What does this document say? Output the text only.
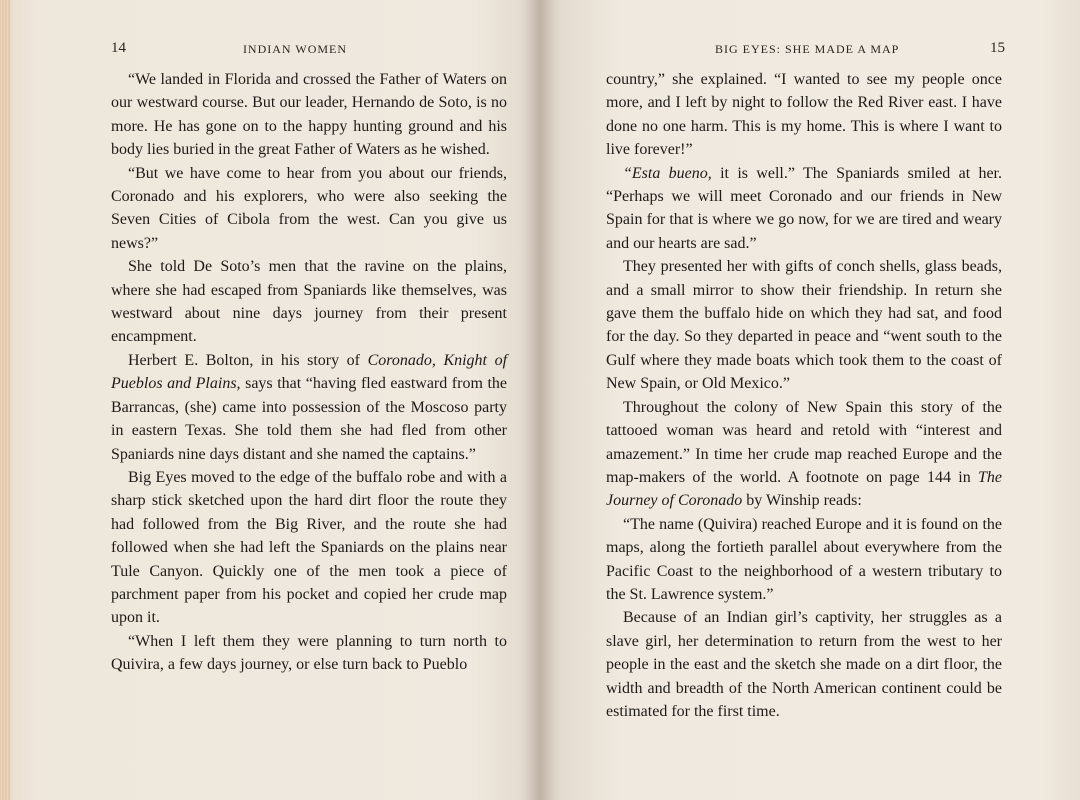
14	INDIAN WOMEN

“We landed in Florida and crossed the Father of Waters on our westward course. But our leader, Hernando de Soto, is no more. He has gone on to the happy hunting ground and his body lies buried in the great Father of Waters as he wished.

“But we have come to hear from you about our friends, Coronado and his explorers, who were also seeking the Seven Cities of Cibola from the west. Can you give us news?”

She told De Soto’s men that the ravine on the plains, where she had escaped from Spaniards like themselves, was westward about nine days journey from their present encampment.

Herbert E. Bolton, in his story of Coronado, Knight of Pueblos and Plains, says that “having fled eastward from the Barrancas, (she) came into possession of the Moscoso party in eastern Texas. She told them she had fled from other Spaniards nine days distant and she named the captains.”

Big Eyes moved to the edge of the buffalo robe and with a sharp stick sketched upon the hard dirt floor the route they had followed from the Big River, and the route she had followed when she had left the Spaniards on the plains near Tule Canyon. Quickly one of the men took a piece of parchment paper from his pocket and copied her crude map upon it.

“When I left them they were planning to turn north to Quivira, a few days journey, or else turn back to Pueblo

BIG EYES: SHE MADE A MAP	15

country,” she explained. “I wanted to see my people once more, and I left by night to follow the Red River east. I have done no one harm. This is my home. This is where I want to live forever!”

“Esta bueno, it is well.” The Spaniards smiled at her. “Perhaps we will meet Coronado and our friends in New Spain for that is where we go now, for we are tired and weary and our hearts are sad.”

They presented her with gifts of conch shells, glass beads, and a small mirror to show their friendship. In return she gave them the buffalo hide on which they had sat, and food for the day. So they departed in peace and “went south to the Gulf where they made boats which took them to the coast of New Spain, or Old Mexico.”

Throughout the colony of New Spain this story of the tattooed woman was heard and retold with “interest and amazement.” In time her crude map reached Europe and the map-makers of the world. A footnote on page 144 in The Journey of Coronado by Winship reads:

“The name (Quivira) reached Europe and it is found on the maps, along the fortieth parallel about everywhere from the Pacific Coast to the neighborhood of a western tributary to the St. Lawrence system.”

Because of an Indian girl’s captivity, her struggles as a slave girl, her determination to return from the west to her people in the east and the sketch she made on a dirt floor, the width and breadth of the North American continent could be estimated for the first time.
